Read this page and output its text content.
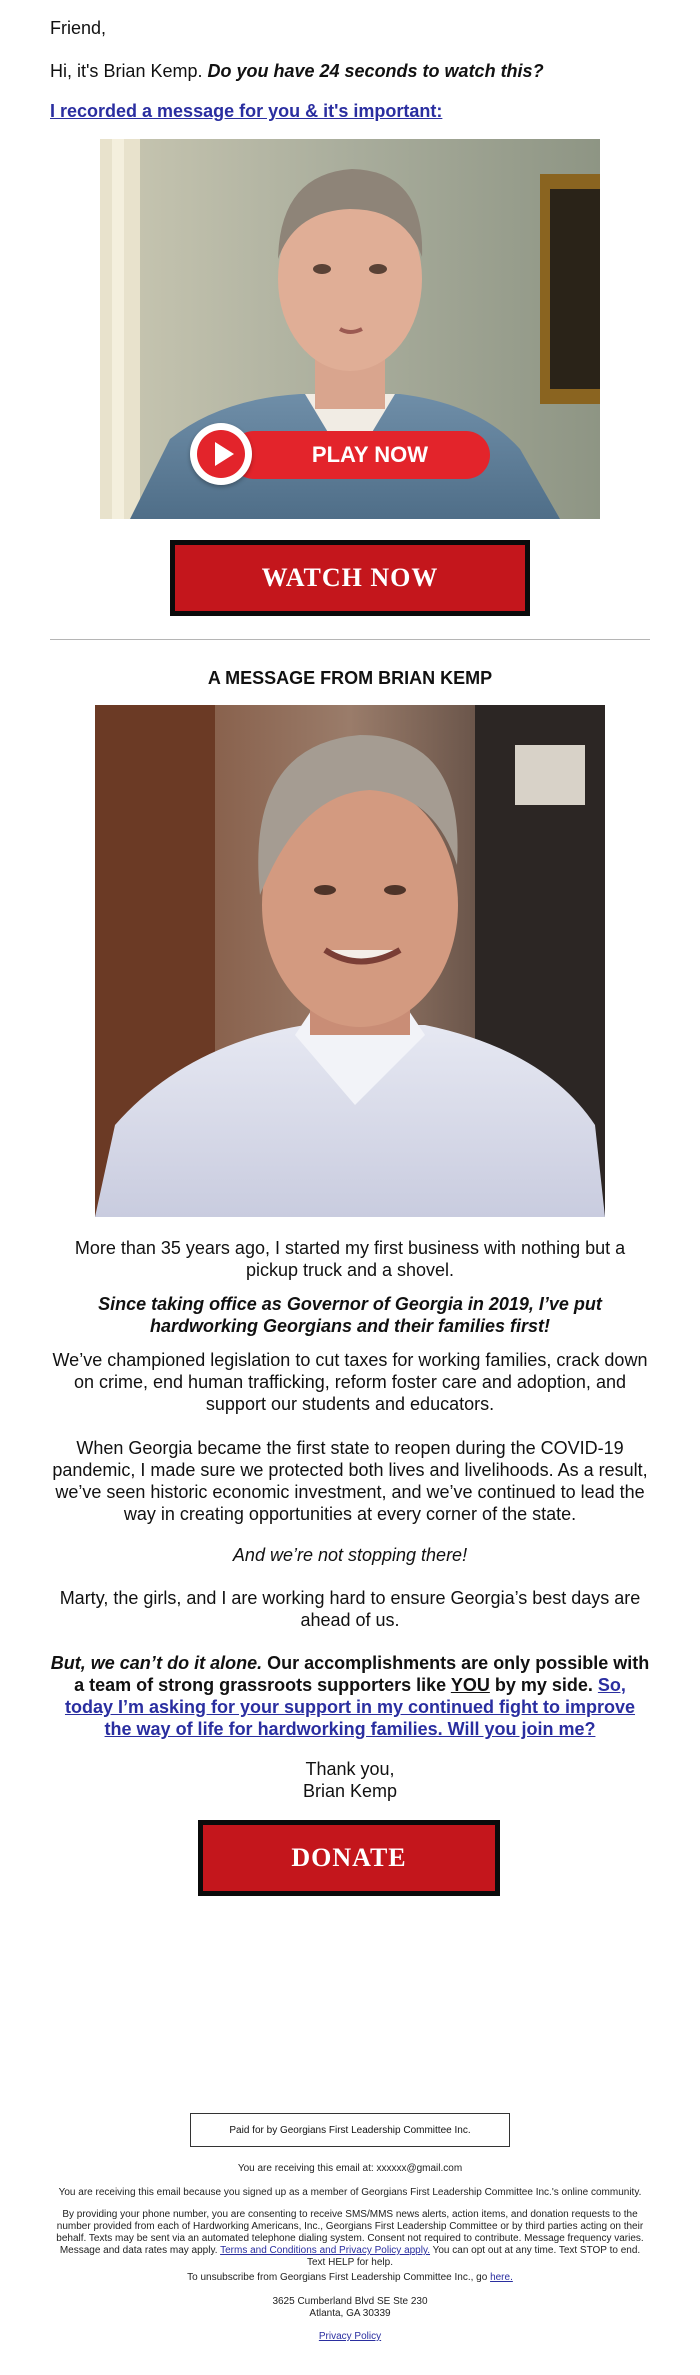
Friend,
Hi, it's Brian Kemp. Do you have 24 seconds to watch this?
I recorded a message for you & it's important:
PLAY NOW
WATCH NOW
A MESSAGE FROM BRIAN KEMP
More than 35 years ago, I started my first business with nothing but a pickup truck and a shovel.
Since taking office as Governor of Georgia in 2019, I’ve put hardworking Georgians and their families first!
We’ve championed legislation to cut taxes for working families, crack down on crime, end human trafficking, reform foster care and adoption, and support our students and educators.
When Georgia became the first state to reopen during the COVID-19 pandemic, I made sure we protected both lives and livelihoods. As a result, we’ve seen historic economic investment, and we’ve continued to lead the way in creating opportunities at every corner of the state.
And we’re not stopping there!
Marty, the girls, and I are working hard to ensure Georgia’s best days are ahead of us.
But, we can’t do it alone. Our accomplishments are only possible with a team of strong grassroots supporters like YOU by my side. So, today I’m asking for your support in my continued fight to improve the way of life for hardworking families. Will you join me?
Thank you,
Brian Kemp
DONATE
Paid for by Georgians First Leadership Committee Inc.
You are receiving this email at: xxxxxx@gmail.com
You are receiving this email because you signed up as a member of Georgians First Leadership Committee Inc.'s online community.
By providing your phone number, you are consenting to receive SMS/MMS news alerts, action items, and donation requests to the number provided from each of Hardworking Americans, Inc., Georgians First Leadership Committee or by third parties acting on their behalf. Texts may be sent via an automated telephone dialing system. Consent not required to contribute. Message frequency varies. Message and data rates may apply. Terms and Conditions and Privacy Policy apply. You can opt out at any time. Text STOP to end. Text HELP for help.
To unsubscribe from Georgians First Leadership Committee Inc., go here.
3625 Cumberland Blvd SE Ste 230
Atlanta, GA 30339
Privacy Policy
